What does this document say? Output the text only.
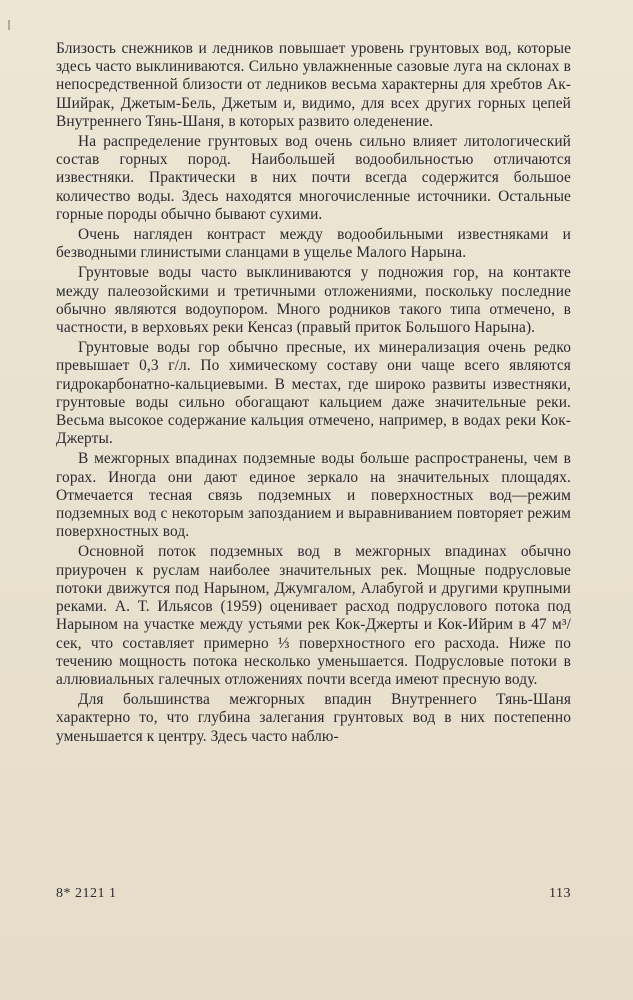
Близость снежников и ледников повышает уровень грунтовых вод, которые здесь часто выклиниваются. Сильно увлажненные сазовые луга на склонах в непосредственной близости от ледников весьма характерны для хребтов Ак-Шийрак, Джетым-Бель, Джетым и, видимо, для всех других горных цепей Внутреннего Тянь-Шаня, в которых развито оледенение.

На распределение грунтовых вод очень сильно влияет литологический состав горных пород. Наибольшей водообильностью отличаются известняки. Практически в них почти всегда содержится большое количество воды. Здесь находятся многочисленные источники. Остальные горные породы обычно бывают сухими.

Очень нагляден контраст между водообильными известняками и безводными глинистыми сланцами в ущелье Малого Нарына.

Грунтовые воды часто выклиниваются у подножия гор, на контакте между палеозойскими и третичными отложениями, поскольку последние обычно являются водоупором. Много родников такого типа отмечено, в частности, в верховьях реки Кенсаз (правый приток Большого Нарына).

Грунтовые воды гор обычно пресные, их минерализация очень редко превышает 0,3 г/л. По химическому составу они чаще всего являются гидрокарбонатно-кальциевыми. В местах, где широко развиты известняки, грунтовые воды сильно обогащают кальцием даже значительные реки. Весьма высокое содержание кальция отмечено, например, в водах реки Кок-Джерты.

В межгорных впадинах подземные воды больше распространены, чем в горах. Иногда они дают единое зеркало на значительных площадях. Отмечается тесная связь подземных и поверхностных вод—режим подземных вод с некоторым запозданием и выравниванием повторяет режим поверхностных вод.

Основной поток подземных вод в межгорных впадинах обычно приурочен к руслам наиболее значительных рек. Мощные подрусловые потоки движутся под Нарыном, Джумгалом, Алабугой и другими крупными реками. А. Т. Ильясов (1959) оценивает расход подруслового потока под Нарыном на участке между устьями рек Кок-Джерты и Кок-Ийрим в 47 м³/сек, что составляет примерно ⅓ поверхностного его расхода. Ниже по течению мощность потока несколько уменьшается. Подрусловые потоки в аллювиальных галечных отложениях почти всегда имеют пресную воду.

Для большинства межгорных впадин Внутреннего Тянь-Шаня характерно то, что глубина залегания грунтовых вод в них постепенно уменьшается к центру. Здесь часто наблю-

8* 2121 1	113
